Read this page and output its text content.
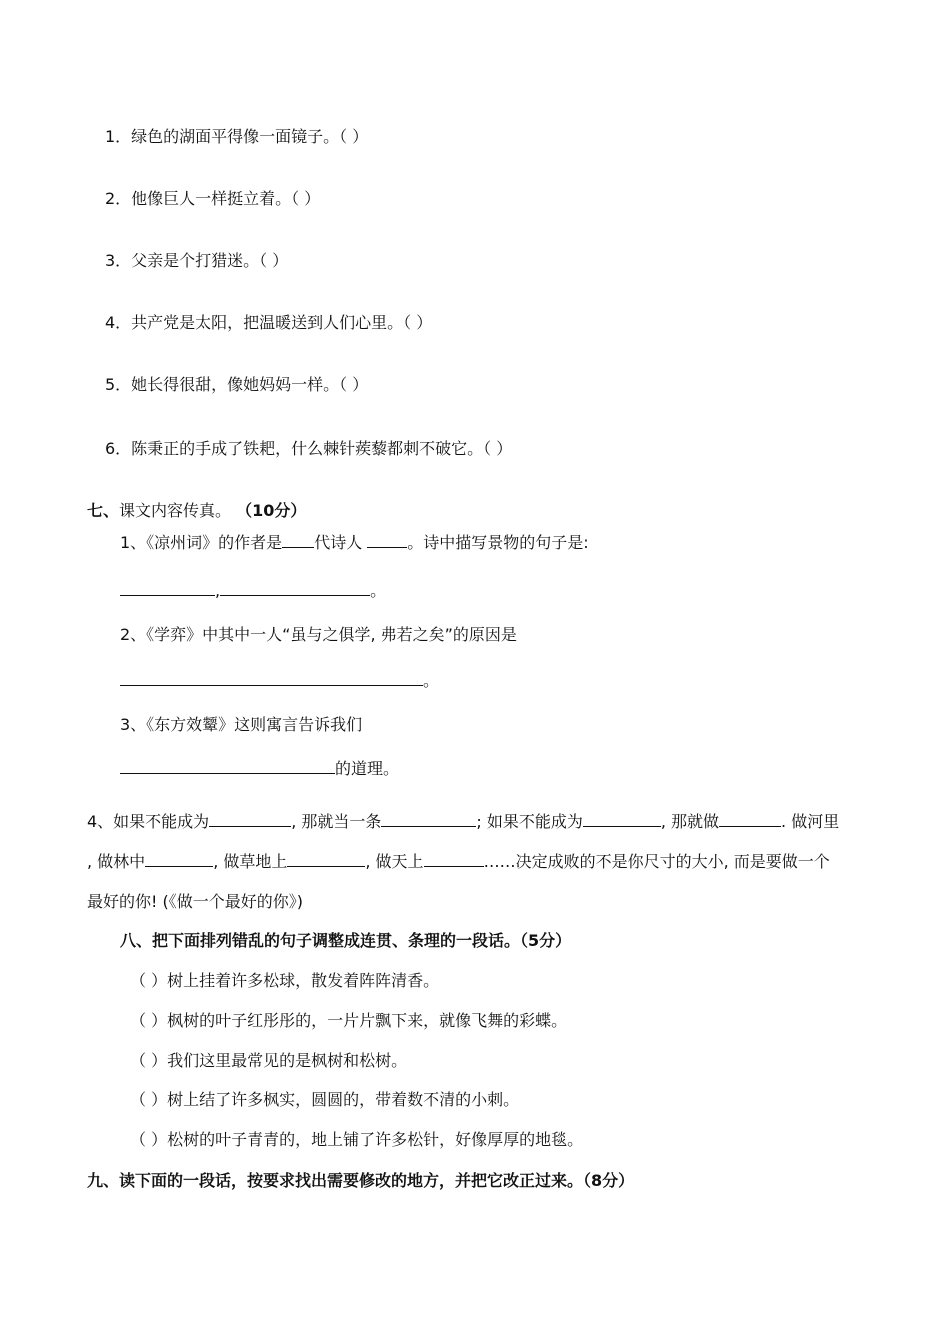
1．绿色的湖面平得像一面镜子。（ ）
2．他像巨人一样挺立着。（ ）
3．父亲是个打猎迷。（ ）
4．共产党是太阳，把温暖送到人们心里。（ ）
5．她长得很甜，像她妈妈一样。（ ）
6．陈秉正的手成了铁耙，什么棘针蒺藜都刺不破它。（ ）
七、课文内容传真。 （10分）
1、《凉州词》的作者是 代诗人	。诗中描写景物的句子是:
,	。
2、《学弈》中其中一人“虽与之俱学, 弗若之矣”的原因是
。
3、《东方效颦》这则寓言告诉我们
的道理。
4、如果不能成为	, 那就当一条	; 如果不能成为	, 那就做	. 做河里
, 做林中	, 做草地上	, 做天上	……决定成败的不是你尺寸的大小, 而是要做一个
最好的你! (《做一个最好的你》)
八、把下面排列错乱的句子调整成连贯、条理的一段话。（5分）
（ ）树上挂着许多松球，散发着阵阵清香。
（ ）枫树的叶子红彤彤的，一片片飘下来，就像飞舞的彩蝶。
（ ）我们这里最常见的是枫树和松树。
（ ）树上结了许多枫实，圆圆的，带着数不清的小刺。
（ ）松树的叶子青青的，地上铺了许多松针，好像厚厚的地毯。
九、读下面的一段话，按要求找出需要修改的地方，并把它改正过来。（8分）
